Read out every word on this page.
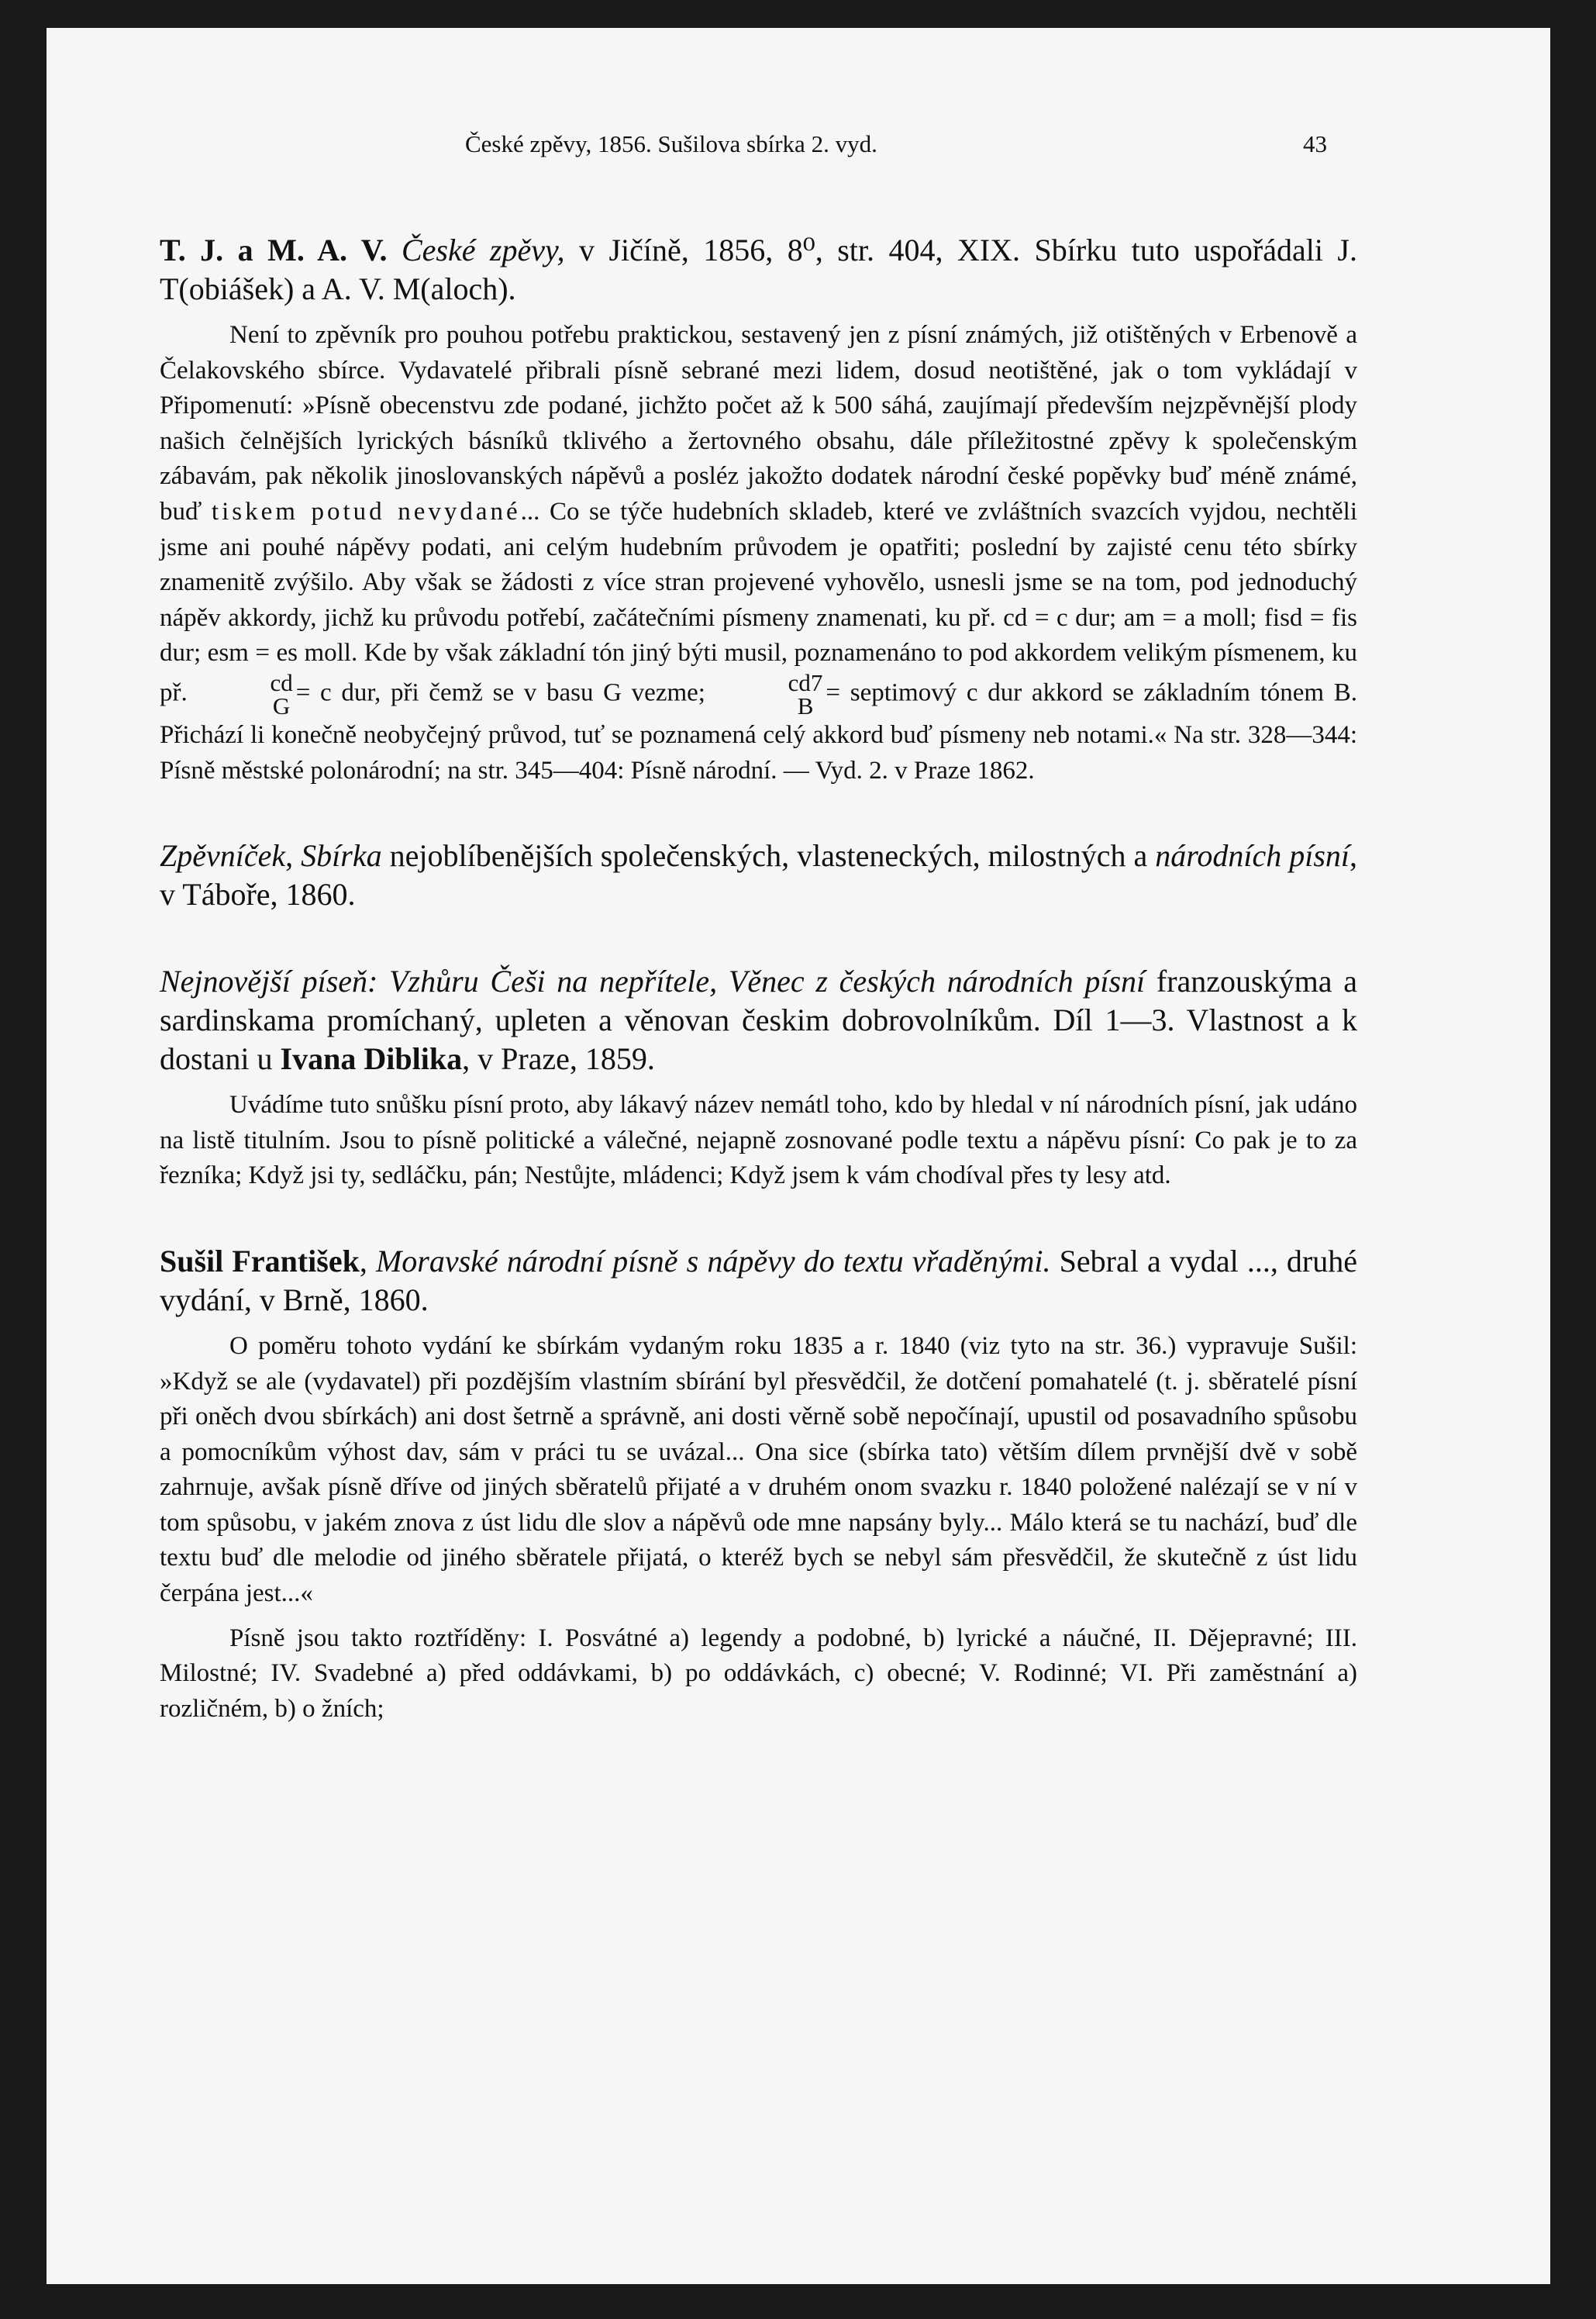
České zpěvy, 1856. Sušilova sbírka 2. vyd.	43

T. J. a M. A. V. České zpěvy, v Jičíně, 1856, 8⁰, str. 404, XIX. Sbírku tuto uspořádali J. T(obiášek) a A. V. M(aloch).

Není to zpěvník pro pouhou potřebu praktickou, sestavený jen z písní známých, již otištěných v Erbenově a Čelakovského sbírce. Vydavatelé přibrali písně sebrané mezi lidem, dosud neotištěné, jak o tom vykládají v Připomenutí: »Písně obecenstvu zde podané, jichžto počet až k 500 sáhá, zaujímají především nejzpěvnější plody našich čelnějších lyrických básníků tklivého a žertovného obsahu, dále příležitostné zpěvy k společenským zábavám, pak několik jinoslovanských nápěvů a posléz jakožto dodatek národní české popěvky buď méně známé, buď tiskem potud nevydané... Co se týče hudebních skladeb, které ve zvláštních svazcích vyjdou, nechtěli jsme ani pouhé nápěvy podati, ani celým hudebním průvodem je opatřiti; poslední by zajisté cenu této sbírky znamenitě zvýšilo. Aby však se žádosti z více stran projevené vyhovělo, usnesli jsme se na tom, pod jednoduchý nápěv akkordy, jichž ku průvodu potřebí, začátečními písmeny znamenati, ku př. cd = c dur; am = a moll; fisd = fis dur; esm = es moll. Kde by však základní tón jiný býti musil, poznamenáno to pod akkordem velikým písmenem, ku př.	cd
G = c dur, při čemž se v basu G vezme;	cd7
B = septimový c dur akkord se základním tónem B. Přichází li konečně neobyčejný průvod, tuť se poznamená celý akkord buď písmeny neb notami.« Na str. 328—344: Písně městské polonárodní; na str. 345—404: Písně národní. — Vyd. 2. v Praze 1862.

Zpěvníček, Sbírka nejoblíbenějších společenských, vlasteneckých, milostných a národních písní, v Táboře, 1860.

Nejnovější píseň: Vzhůru Češi na nepřítele, Věnec z českých národních písní franzouskýma a sardinskama promíchaný, upleten a věnovan českim dobrovolníkům. Díl 1—3. Vlastnost a k dostani u Ivana Diblika, v Praze, 1859.

Uvádíme tuto snůšku písní proto, aby lákavý název nemátl toho, kdo by hledal v ní národních písní, jak udáno na listě titulním. Jsou to písně politické a válečné, nejapně zosnované podle textu a nápěvu písní: Co pak je to za řezníka; Když jsi ty, sedláčku, pán; Nestůjte, mládenci; Když jsem k vám chodíval přes ty lesy atd.

Sušil František, Moravské národní písně s nápěvy do textu vřaděnými. Sebral a vydal ..., druhé vydání, v Brně, 1860.

O poměru tohoto vydání ke sbírkám vydaným roku 1835 a r. 1840 (viz tyto na str. 36.) vypravuje Sušil: »Když se ale (vydavatel) při pozdějším vlastním sbírání byl přesvědčil, že dotčení pomahatelé (t. j. sběratelé písní při oněch dvou sbírkách) ani dost šetrně a správně, ani dosti věrně sobě nepočínají, upustil od posavadního spůsobu a pomocníkům výhost dav, sám v práci tu se uvázal... Ona sice (sbírka tato) větším dílem prvnější dvě v sobě zahrnuje, avšak písně dříve od jiných sběratelů přijaté a v druhém onom svazku r. 1840 položené nalézají se v ní v tom spůsobu, v jakém znova z úst lidu dle slov a nápěvů ode mne napsány byly... Málo která se tu nachází, buď dle textu buď dle melodie od jiného sběratele přijatá, o kteréž bych se nebyl sám přesvědčil, že skutečně z úst lidu čerpána jest...«

Písně jsou takto roztříděny: I. Posvátné a) legendy a podobné, b) lyrické a náučné, II. Dějepravné; III. Milostné; IV. Svadebné a) před oddávkami, b) po oddávkách, c) obecné; V. Rodinné; VI. Při zaměstnání a) rozličném, b) o žních;
